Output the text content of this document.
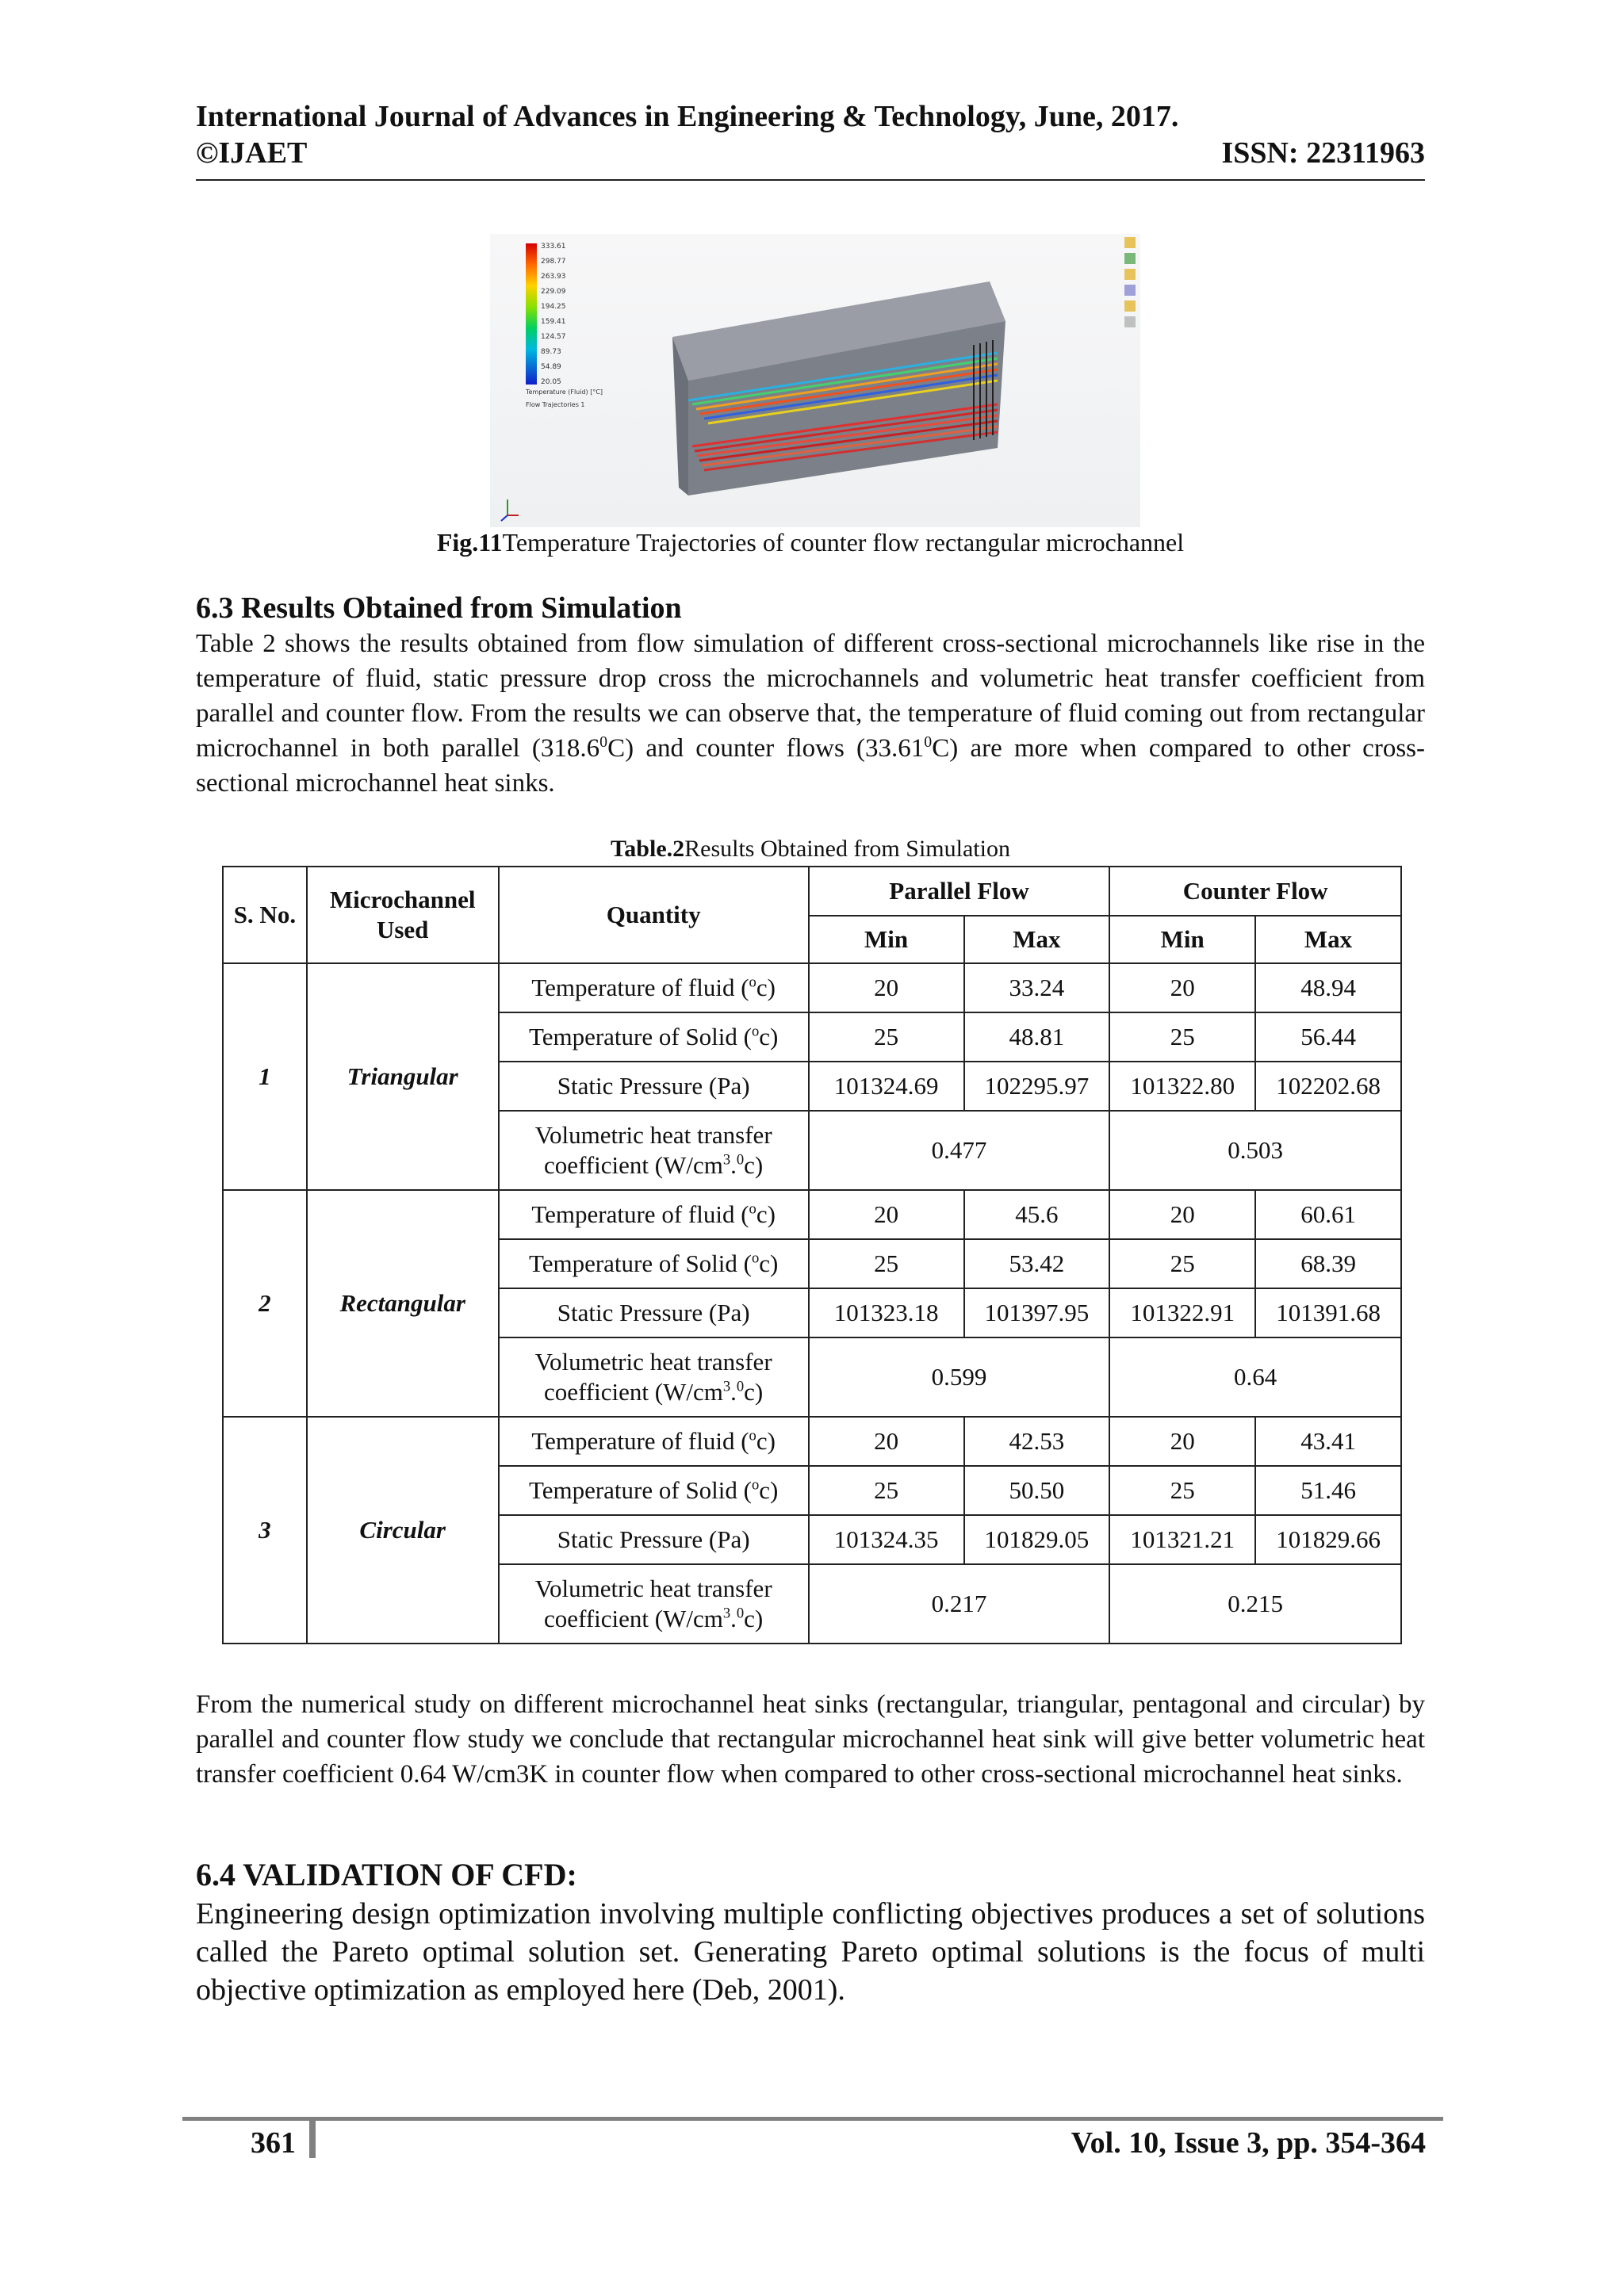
International Journal of Advances in Engineering & Technology, June, 2017.
©IJAET	ISSN: 22311963
333.61
298.77
263.93
229.09
194.25
159.41
124.57
89.73
54.89
20.05
Temperature (Fluid) [°C]
Flow Trajectories 1
Fig.11Temperature Trajectories of counter flow rectangular microchannel
6.3 Results Obtained from Simulation
Table 2 shows the results obtained from flow simulation of different cross-sectional microchannels like rise in the temperature of fluid, static pressure drop cross the microchannels and volumetric heat transfer coefficient from parallel and counter flow. From the results we can observe that, the temperature of fluid coming out from rectangular microchannel in both parallel (318.6$^0$C) and counter flows (33.61$^0$C) are more when compared to other cross-sectional microchannel heat sinks.
Table.2Results Obtained from Simulation
S. No.	Microchannel Used	Quantity	Parallel Flow		Counter Flow	
			Min	Max	Min	Max
1	Triangular	Temperature of fluid ($^o$c)	20	33.24	20	48.94
		Temperature of Solid ($^o$c)	25	48.81	25	56.44
		Static Pressure (Pa)	101324.69	102295.97	101322.80	102202.68
		Volumetric heat transfer
coefficient $(W/cm^3.^0c)$	0.477		0.503	
2	Rectangular	Temperature of fluid ($^o$c)	20	45.6	20	60.61
		Temperature of Solid ($^o$c)	25	53.42	25	68.39
		Static Pressure (Pa)	101323.18	101397.95	101322.91	101391.68
		Volumetric heat transfer
coefficient $(W/cm^3.^0c)$	0.599		0.64	
3	Circular	Temperature of fluid ($^o$c)	20	42.53	20	43.41
		Temperature of Solid ($^o$c)	25	50.50	25	51.46
		Static Pressure (Pa)	101324.35	101829.05	101321.21	101829.66
		Volumetric heat transfer
coefficient $(W/cm^3.^0c)$	0.217		0.215	
From the numerical study on different microchannel heat sinks (rectangular, triangular, pentagonal and circular) by parallel and counter flow study we conclude that rectangular microchannel heat sink will give better volumetric heat transfer coefficient 0.64 W/cm3K in counter flow when compared to other cross-sectional microchannel heat sinks.
6.4 VALIDATION OF CFD:
Engineering design optimization involving multiple conflicting objectives produces a set of solutions called the Pareto optimal solution set. Generating Pareto optimal solutions is the focus of multi objective optimization as employed here (Deb, 2001).
361	Vol. 10, Issue 3, pp. 354-364
